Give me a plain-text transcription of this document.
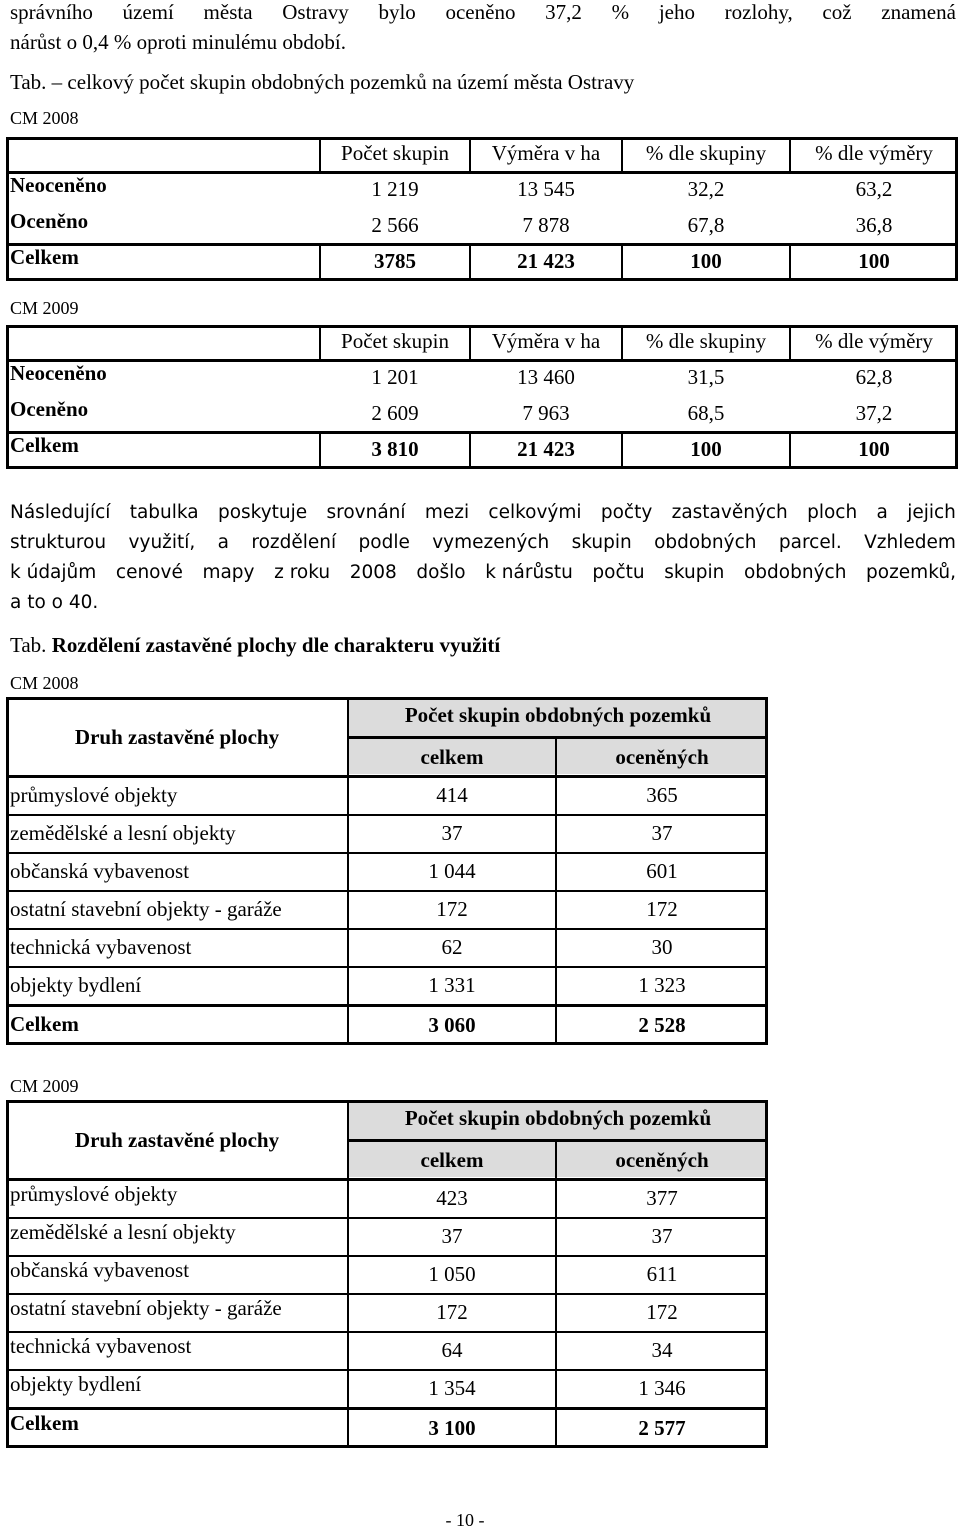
správního území města Ostravy bylo oceněno 37,2 % jeho rozlohy, což znamená
nárůst o 0,4 % oproti minulému období.
Tab. – celkový počet skupin obdobných pozemků na území města Ostravy
CM 2008
Počet skupin	Výměra v ha	% dle skupiny	% dle výměry
Neoceněno	1 219	13 545	32,2	63,2
Oceněno	2 566	7 878	67,8	36,8
Celkem	3785	21 423	100	100
CM 2009
Počet skupin	Výměra v ha	% dle skupiny	% dle výměry
Neoceněno	1 201	13 460	31,5	62,8
Oceněno	2 609	7 963	68,5	37,2
Celkem	3 810	21 423	100	100
Následující tabulka poskytuje srovnání mezi celkovými počty zastavěných ploch a jejich
strukturou využití, a rozdělení podle vymezených skupin obdobných parcel. Vzhledem
k údajům cenové mapy z roku 2008 došlo k nárůstu počtu skupin obdobných pozemků,
a to o 40.
Tab. Rozdělení zastavěné plochy dle charakteru využití
CM 2008
Druh zastavěné plochy
Počet skupin obdobných pozemků
celkem	oceněných
průmyslové objekty	414	365
zemědělské a lesní objekty	37	37
občanská vybavenost	1 044	601
ostatní stavební objekty - garáže	172	172
technická vybavenost	62	30
objekty bydlení	1 331	1 323
Celkem	3 060	2 528
CM 2009
Druh zastavěné plochy
Počet skupin obdobných pozemků
celkem	oceněných
průmyslové objekty	423	377
zemědělské a lesní objekty	37	37
občanská vybavenost	1 050	611
ostatní stavební objekty - garáže	172	172
technická vybavenost	64	34
objekty bydlení	1 354	1 346
Celkem	3 100	2 577
- 10 -
